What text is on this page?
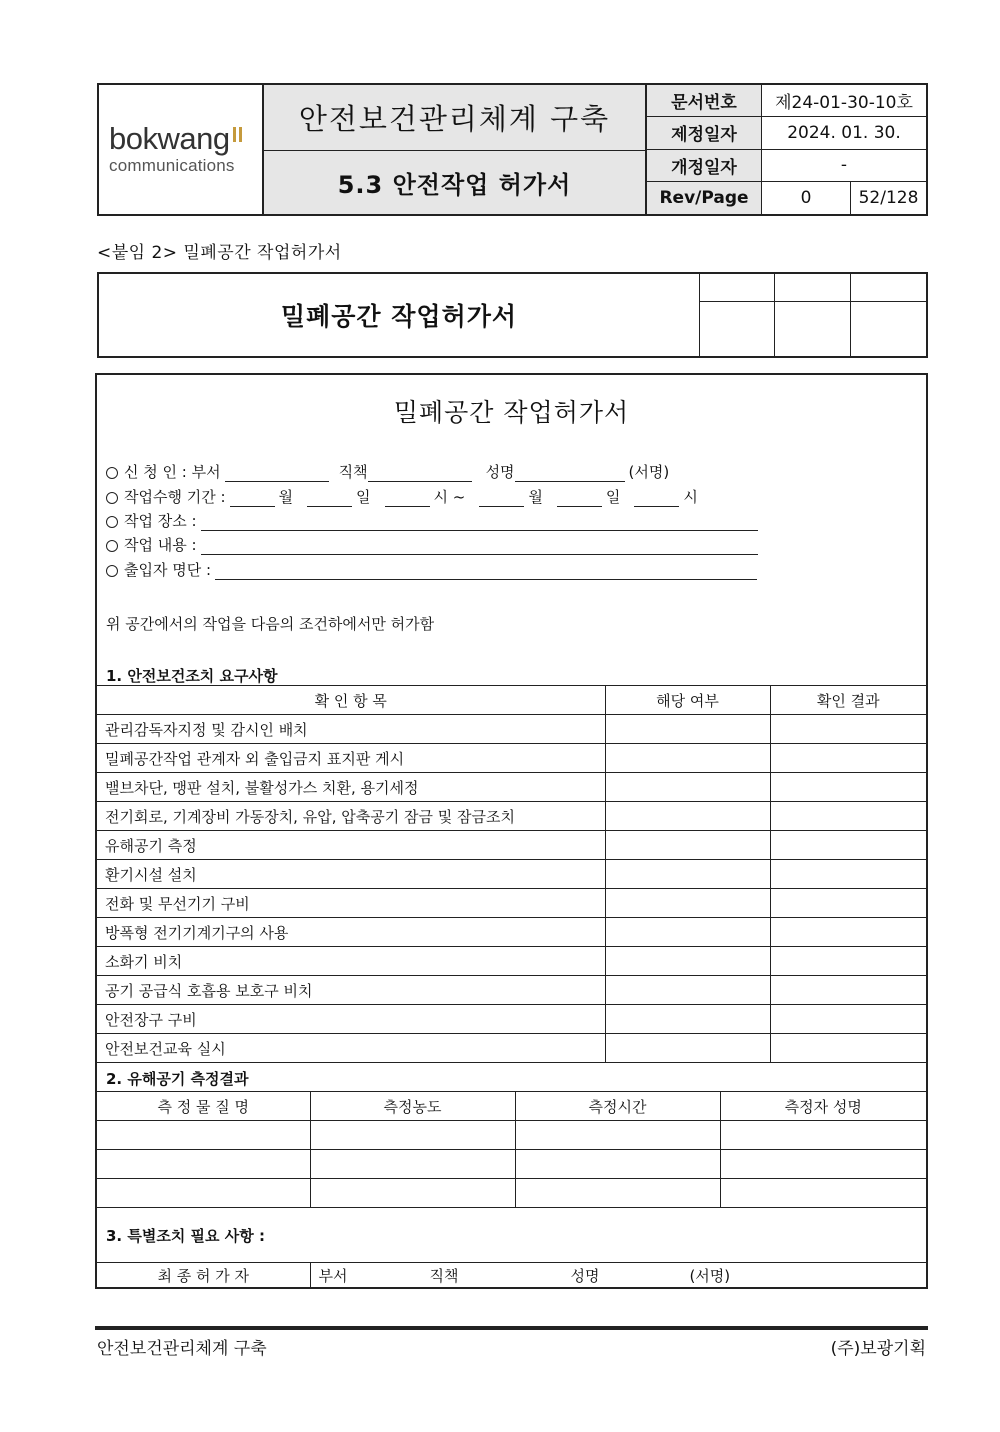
bokwang
communications
안전보건관리체계 구축
5.3 안전작업 허가서
문서번호	제24-01-30-10호
제정일자	2024. 01. 30.
개정일자	-
Rev/Page	0	52/128
<붙임 2> 밀폐공간 작업허가서
밀폐공간 작업허가서
밀폐공간 작업허가서
신 청 인 : 부서	직책	성명	(서명)
작업수행 기간 :	월	일	시 ~	월	일	시
작업 장소 :
작업 내용 :
출입자 명단 :
위 공간에서의 작업을 다음의 조건하에서만 허가함
1. 안전보건조치 요구사항
확 인 항 목	해당 여부	확인 결과
관리감독자지정 및 감시인 배치		
밀폐공간작업 관계자 외 출입금지 표지판 게시		
밸브차단, 맹판 설치, 불활성가스 치환, 용기세정		
전기회로, 기계장비 가동장치, 유압, 압축공기 잠금 및 잠금조치		
유해공기 측정		
환기시설 설치		
전화 및 무선기기 구비		
방폭형 전기기계기구의 사용		
소화기 비치		
공기 공급식 호흡용 보호구 비치		
안전장구 구비		
안전보건교육 실시		
2. 유해공기 측정결과
측 정 물 질 명	측정농도	측정시간	측정자 성명

3. 특별조치 필요 사항 :
최 종 허 가 자	부서	직책	성명	(서명)
안전보건관리체계 구축	(주)보광기획
